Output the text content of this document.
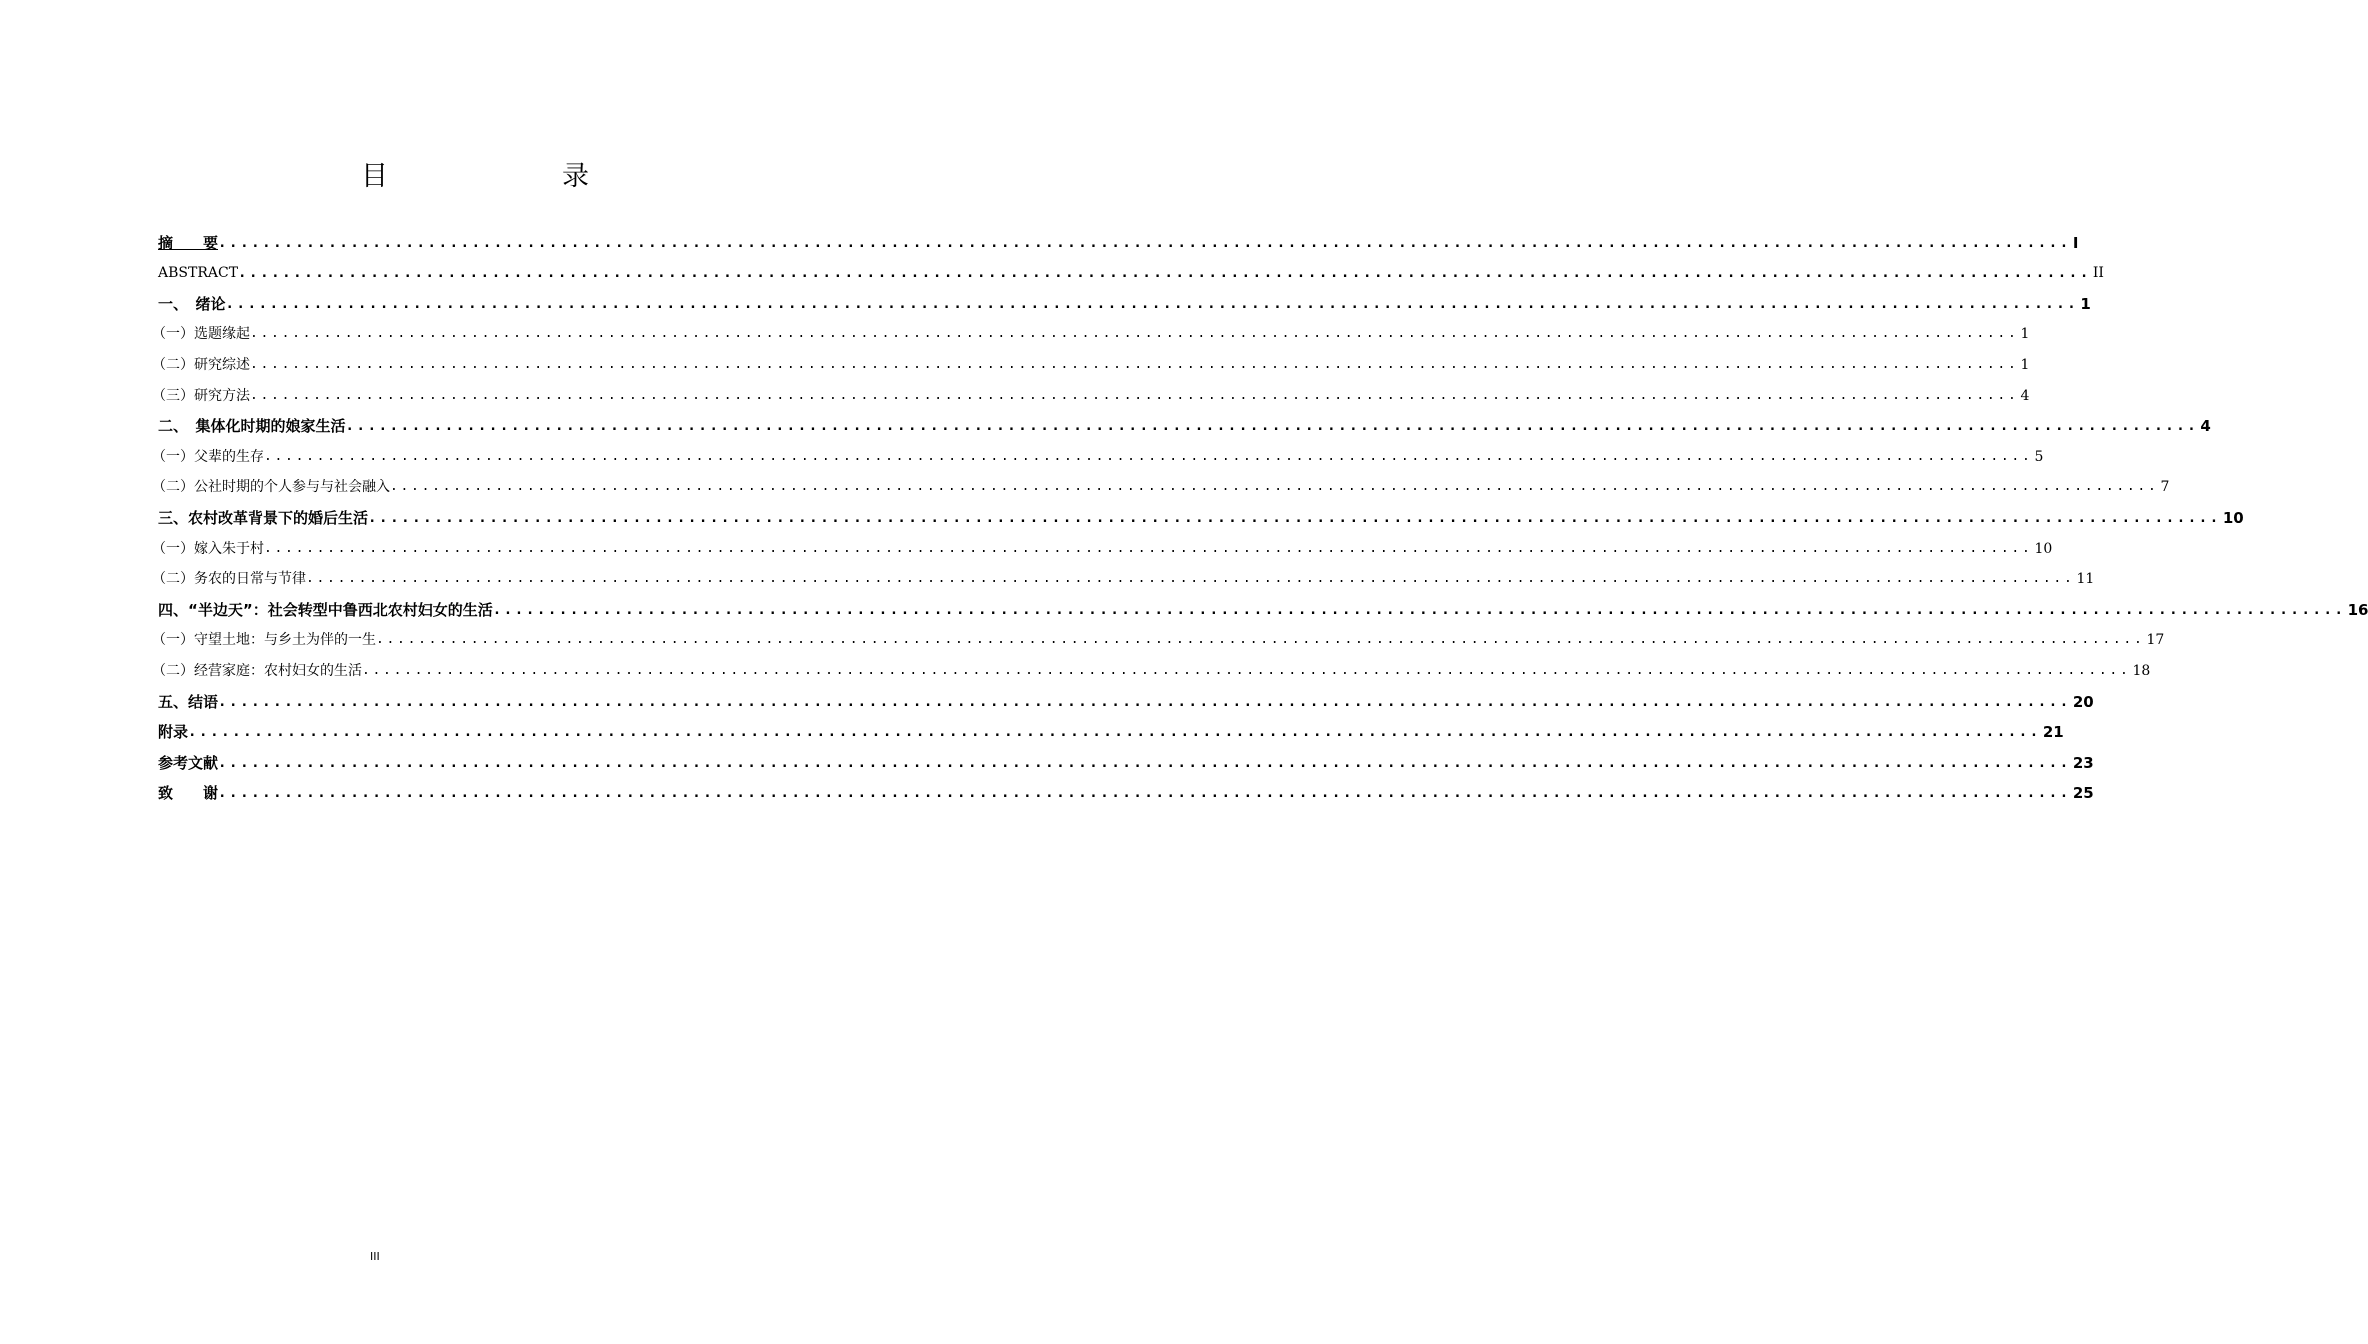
目　　录
摘　　要 ........................................................................................................................................................................ I
ABSTRACT ........................................................................................................................................................................ II
一、　绪论 ........................................................................................................................................................................ 1
（一）选题缘起 ........................................................................................................................................................................ 1
（二）研究综述 ........................................................................................................................................................................ 1
（三）研究方法 ........................................................................................................................................................................ 4
二、　集体化时期的娘家生活 ........................................................................................................................................................................ 4
（一）父辈的生存 ........................................................................................................................................................................ 5
（二）公社时期的个人参与与社会融入 ........................................................................................................................................................................ 7
三、农村改革背景下的婚后生活 ........................................................................................................................................................................ 10
（一）嫁入朱于村 ........................................................................................................................................................................ 10
（二）务农的日常与节律 ........................................................................................................................................................................ 11
四、“半边天”：社会转型中鲁西北农村妇女的生活 ........................................................................................................................................................................ 16
（一）守望土地：与乡土为伴的一生 ........................................................................................................................................................................ 17
（二）经营家庭：农村妇女的生活 ........................................................................................................................................................................ 18
五、结语 ........................................................................................................................................................................ 20
附录 ........................................................................................................................................................................ 21
参考文献 ........................................................................................................................................................................ 23
致　　谢 ........................................................................................................................................................................ 25
III
